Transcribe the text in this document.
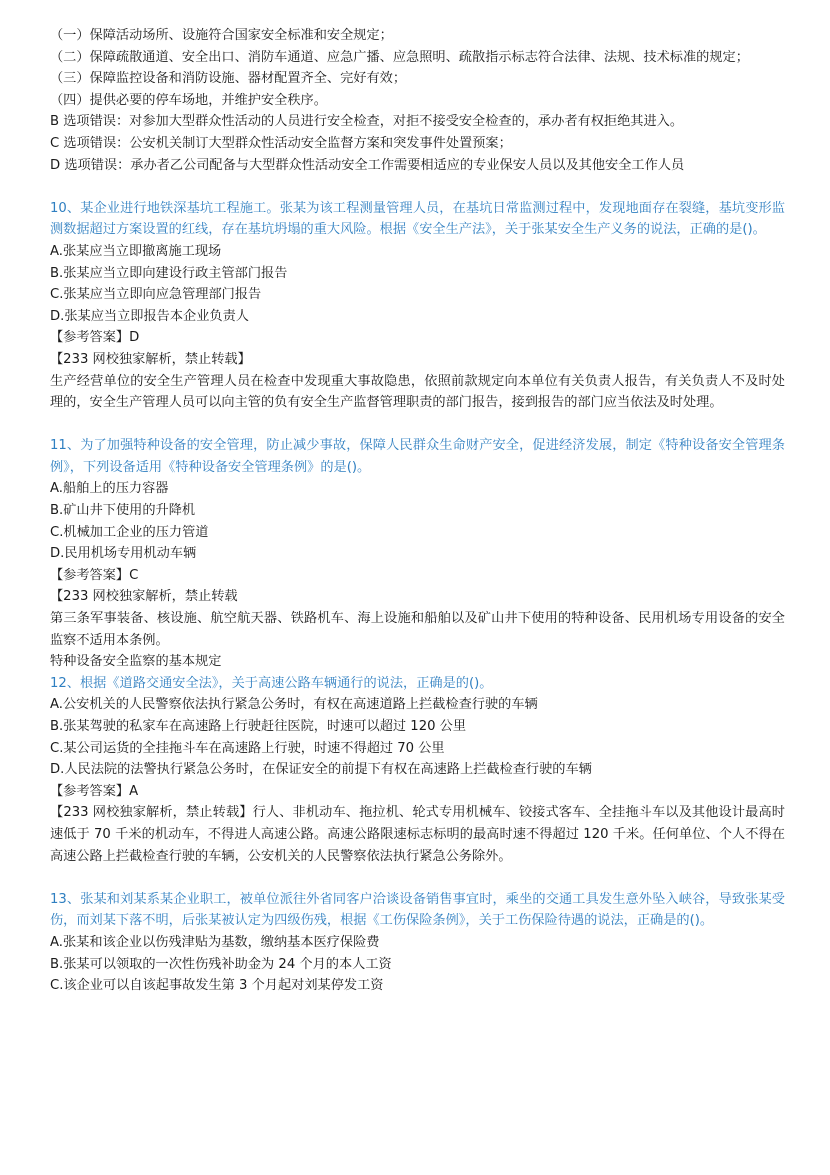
（一）保障活动场所、设施符合国家安全标准和安全规定；

（二）保障疏散通道、安全出口、消防车通道、应急广播、应急照明、疏散指示标志符合法律、法规、技术标准的规定；

（三）保障监控设备和消防设施、器材配置齐全、完好有效；

（四）提供必要的停车场地，并维护安全秩序。

B 选项错误：对参加大型群众性活动的人员进行安全检查，对拒不接受安全检查的，承办者有权拒绝其进入。

C 选项错误：公安机关制订大型群众性活动安全监督方案和突发事件处置预案；

D 选项错误：承办者乙公司配备与大型群众性活动安全工作需要相适应的专业保安人员以及其他安全工作人员

10、某企业进行地铁深基坑工程施工。张某为该工程测量管理人员，在基坑日常监测过程中，发现地面存在裂缝，基坑变形监测数据超过方案设置的红线，存在基坑坍塌的重大风险。根据《安全生产法》，关于张某安全生产义务的说法，正确的是()。

A.张某应当立即撤离施工现场

B.张某应当立即向建设行政主管部门报告

C.张某应当立即向应急管理部门报告

D.张某应当立即报告本企业负责人

【参考答案】D

【233 网校独家解析，禁止转载】

生产经营单位的安全生产管理人员在检查中发现重大事故隐患，依照前款规定向本单位有关负责人报告，有关负责人不及时处理的，安全生产管理人员可以向主管的负有安全生产监督管理职责的部门报告，接到报告的部门应当依法及时处理。

11、为了加强特种设备的安全管理，防止减少事故，保障人民群众生命财产安全，促进经济发展，制定《特种设备安全管理条例》，下列设备适用《特种设备安全管理条例》的是()。

A.船舶上的压力容器

B.矿山井下使用的升降机

C.机械加工企业的压力管道

D.民用机场专用机动车辆

【参考答案】C

【233 网校独家解析，禁止转载

第三条军事装备、核设施、航空航天器、铁路机车、海上设施和船舶以及矿山井下使用的特种设备、民用机场专用设备的安全监察不适用本条例。

特种设备安全监察的基本规定

12、根据《道路交通安全法》，关于高速公路车辆通行的说法，正确是的()。

A.公安机关的人民警察依法执行紧急公务时，有权在高速道路上拦截检查行驶的车辆

B.张某驾驶的私家车在高速路上行驶赶往医院，时速可以超过 120 公里

C.某公司运货的全挂拖斗车在高速路上行驶，时速不得超过 70 公里

D.人民法院的法警执行紧急公务时，在保证安全的前提下有权在高速路上拦截检查行驶的车辆

【参考答案】A

【233 网校独家解析，禁止转载】行人、非机动车、拖拉机、轮式专用机械车、铰接式客车、全挂拖斗车以及其他设计最高时速低于 70 千米的机动车，不得进人高速公路。高速公路限速标志标明的最高时速不得超过 120 千米。任何单位、个人不得在高速公路上拦截检查行驶的车辆，公安机关的人民警察依法执行紧急公务除外。

13、张某和刘某系某企业职工，被单位派往外省同客户洽谈设备销售事宜时，乘坐的交通工具发生意外坠入峡谷，导致张某受伤，而刘某下落不明，后张某被认定为四级伤残，根据《工伤保险条例》，关于工伤保险待遇的说法，正确是的()。

A.张某和该企业以伤残津贴为基数，缴纳基本医疗保险费

B.张某可以领取的一次性伤残补助金为 24 个月的本人工资

C.该企业可以自该起事故发生第 3 个月起对刘某停发工资
